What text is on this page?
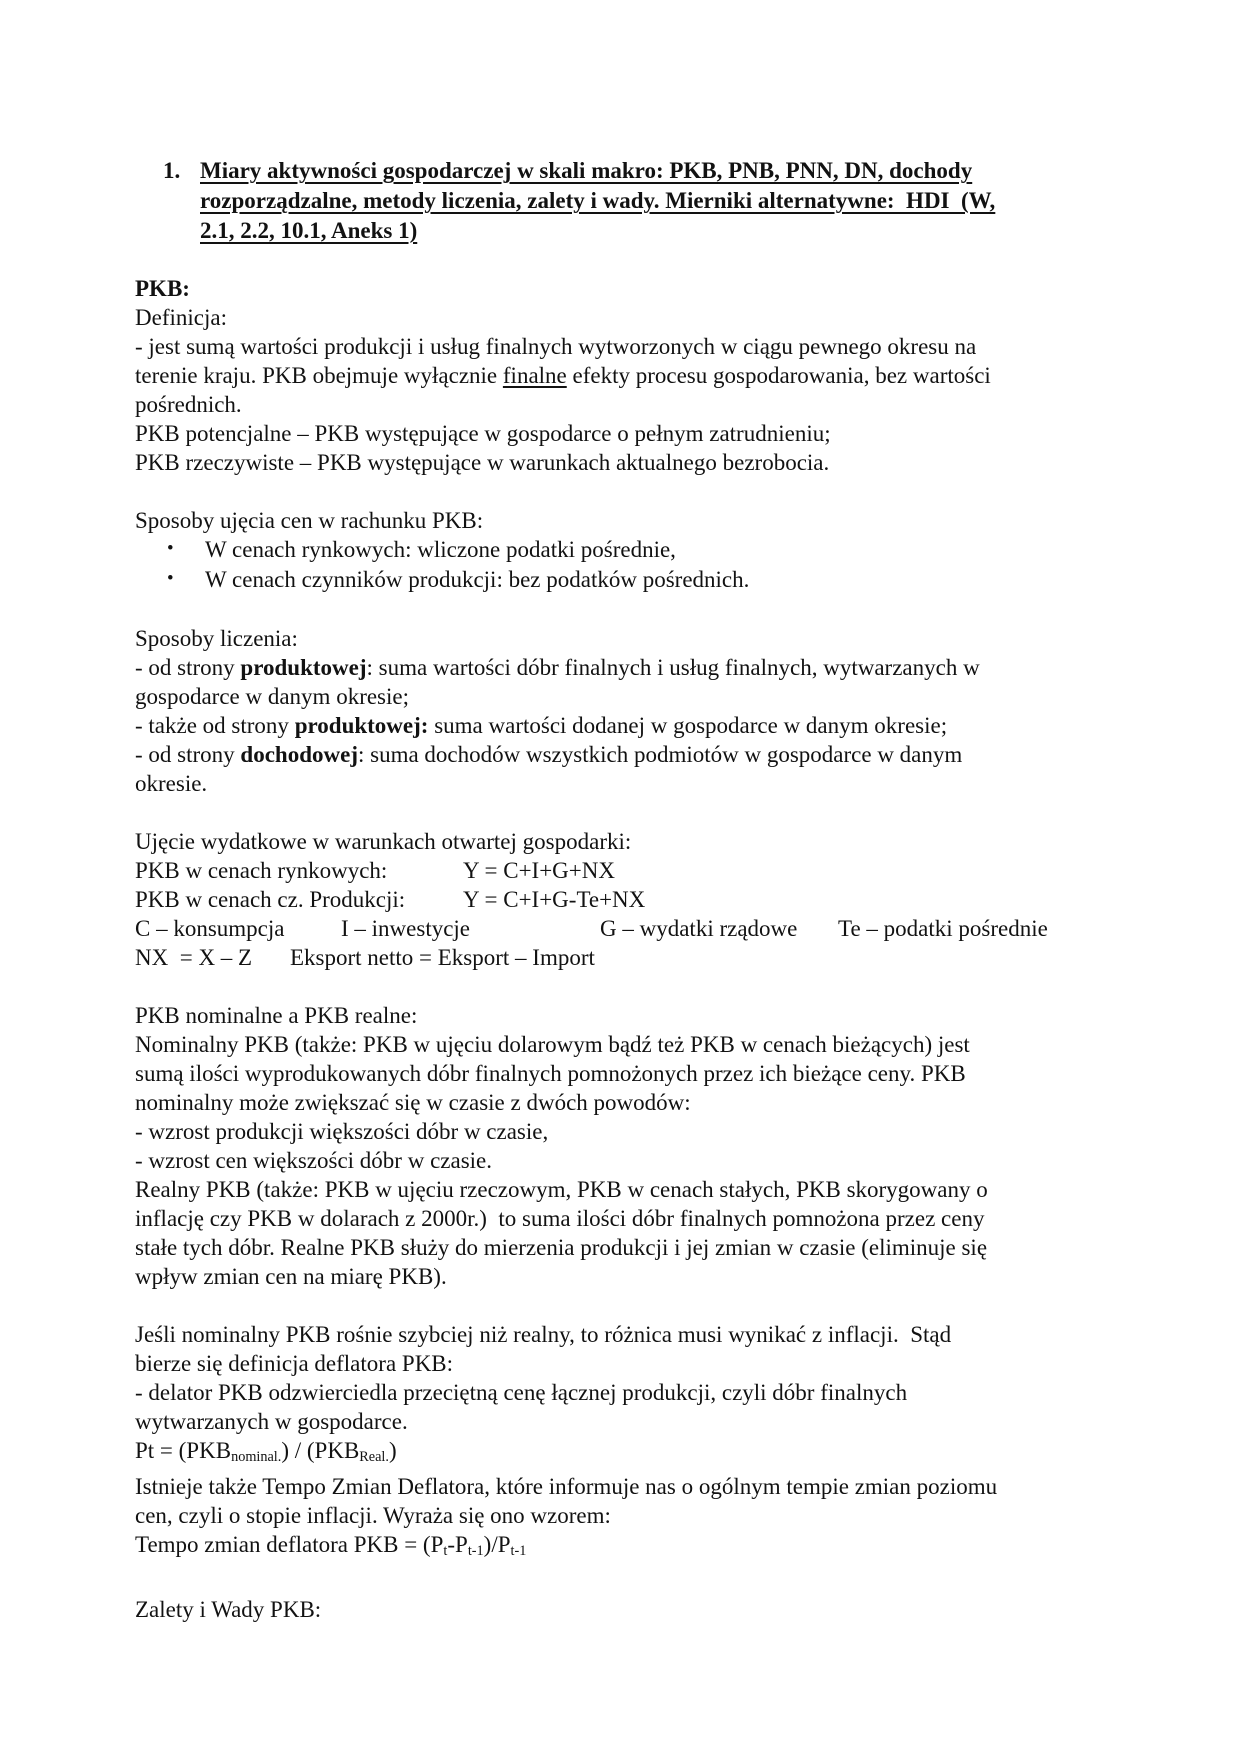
1. Miary aktywności gospodarczej w skali makro: PKB, PNB, PNN, DN, dochody
rozporządzalne, metody liczenia, zalety i wady. Mierniki alternatywne:  HDI  (W,
2.1, 2.2, 10.1, Aneks 1)
PKB:
Definicja:
- jest sumą wartości produkcji i usług finalnych wytworzonych w ciągu pewnego okresu na
terenie kraju. PKB obejmuje wyłącznie finalne efekty procesu gospodarowania, bez wartości
pośrednich.
PKB potencjalne – PKB występujące w gospodarce o pełnym zatrudnieniu;
PKB rzeczywiste – PKB występujące w warunkach aktualnego bezrobocia.

Sposoby ujęcia cen w rachunku PKB:
• W cenach rynkowych: wliczone podatki pośrednie,
• W cenach czynników produkcji: bez podatków pośrednich.

Sposoby liczenia:
- od strony produktowej: suma wartości dóbr finalnych i usług finalnych, wytwarzanych w
gospodarce w danym okresie;
- także od strony produktowej: suma wartości dodanej w gospodarce w danym okresie;
- od strony dochodowej: suma dochodów wszystkich podmiotów w gospodarce w danym
okresie.

Ujęcie wydatkowe w warunkach otwartej gospodarki:
PKB w cenach rynkowych:	Y = C+I+G+NX
PKB w cenach cz. Produkcji:	Y = C+I+G-Te+NX
C – konsumpcja I – inwestycje	G – wydatki rządowe Te – podatki pośrednie
NX  = X – Z Eksport netto = Eksport – Import

PKB nominalne a PKB realne:
Nominalny PKB (także: PKB w ujęciu dolarowym bądź też PKB w cenach bieżących) jest
sumą ilości wyprodukowanych dóbr finalnych pomnożonych przez ich bieżące ceny. PKB
nominalny może zwiększać się w czasie z dwóch powodów:
- wzrost produkcji większości dóbr w czasie,
- wzrost cen większości dóbr w czasie.
Realny PKB (także: PKB w ujęciu rzeczowym, PKB w cenach stałych, PKB skorygowany o
inflację czy PKB w dolarach z 2000r.)  to suma ilości dóbr finalnych pomnożona przez ceny
stałe tych dóbr. Realne PKB służy do mierzenia produkcji i jej zmian w czasie (eliminuje się
wpływ zmian cen na miarę PKB).

Jeśli nominalny PKB rośnie szybciej niż realny, to różnica musi wynikać z inflacji.  Stąd
bierze się definicja deflatora PKB:
- delator PKB odzwierciedla przeciętną cenę łącznej produkcji, czyli dóbr finalnych
wytwarzanych w gospodarce.
Pt = (PKBnominal.) / (PKBReal.)
Istnieje także Tempo Zmian Deflatora, które informuje nas o ogólnym tempie zmian poziomu
cen, czyli o stopie inflacji. Wyraża się ono wzorem:
Tempo zmian deflatora PKB = (Pt-Pt-1)/Pt-1

Zalety i Wady PKB:
